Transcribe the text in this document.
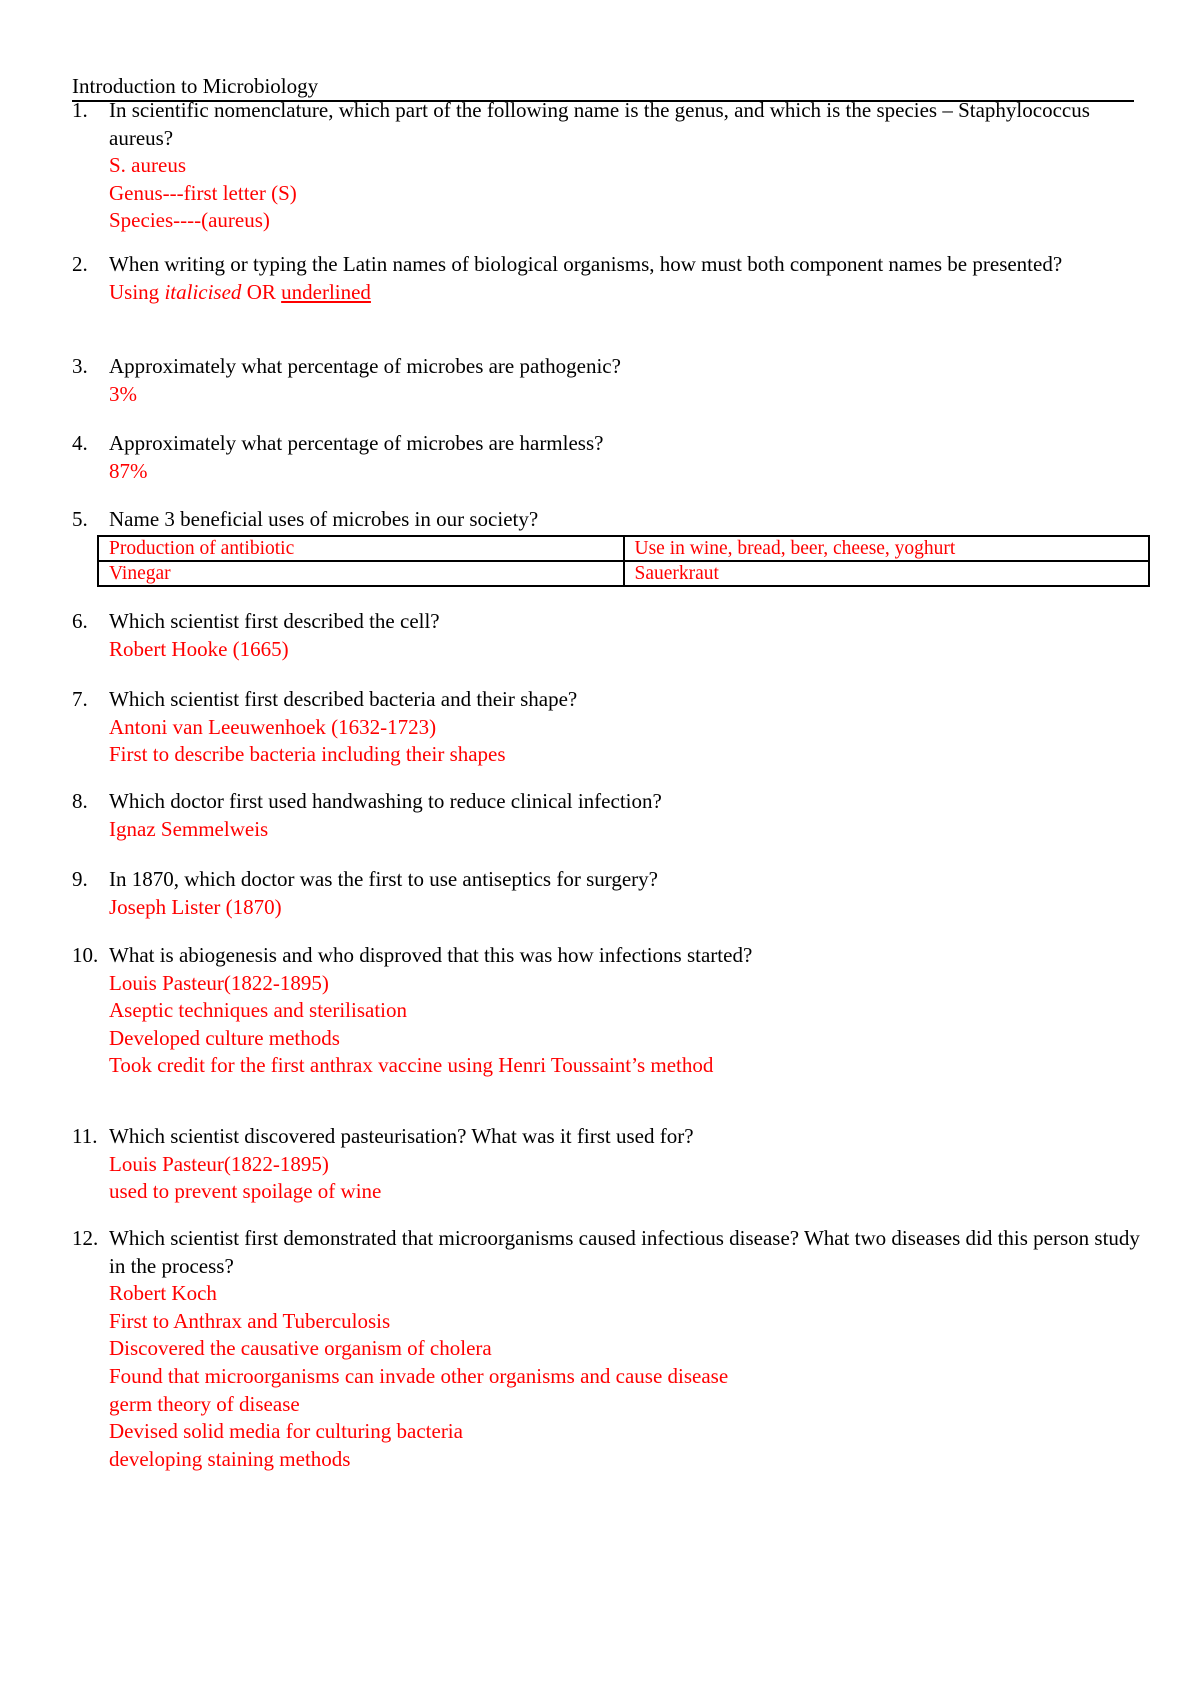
Introduction to Microbiology
1.	In scientific nomenclature, which part of the following name is the genus, and which is the species – Staphylococcus aureus?
S. aureus
Genus---first letter (S)
Species----(aureus)
2.	When writing or typing the Latin names of biological organisms, how must both component names be presented?
Using italicised OR underlined
3.	Approximately what percentage of microbes are pathogenic?
3%
4.	Approximately what percentage of microbes are harmless?
87%
5.	Name 3 beneficial uses of microbes in our society?
Production of antibiotic	Use in wine, bread, beer, cheese, yoghurt
Vinegar	Sauerkraut
6.	Which scientist first described the cell?
Robert Hooke (1665)
7.	Which scientist first described bacteria and their shape?
Antoni van Leeuwenhoek (1632-1723)
First to describe bacteria including their shapes
8.	Which doctor first used handwashing to reduce clinical infection?
Ignaz Semmelweis
9.	In 1870, which doctor was the first to use antiseptics for surgery?
Joseph Lister (1870)
10. What is abiogenesis and who disproved that this was how infections started?
Louis Pasteur(1822-1895)
Aseptic techniques and sterilisation
Developed culture methods
Took credit for the first anthrax vaccine using Henri Toussaint’s method
11. Which scientist discovered pasteurisation? What was it first used for?
Louis Pasteur(1822-1895)
used to prevent spoilage of wine
12. Which scientist first demonstrated that microorganisms caused infectious disease? What two diseases did this person study in the process?
Robert Koch
First to Anthrax and Tuberculosis
Discovered the causative organism of cholera
Found that microorganisms can invade other organisms and cause disease
germ theory of disease
Devised solid media for culturing bacteria
developing staining methods
